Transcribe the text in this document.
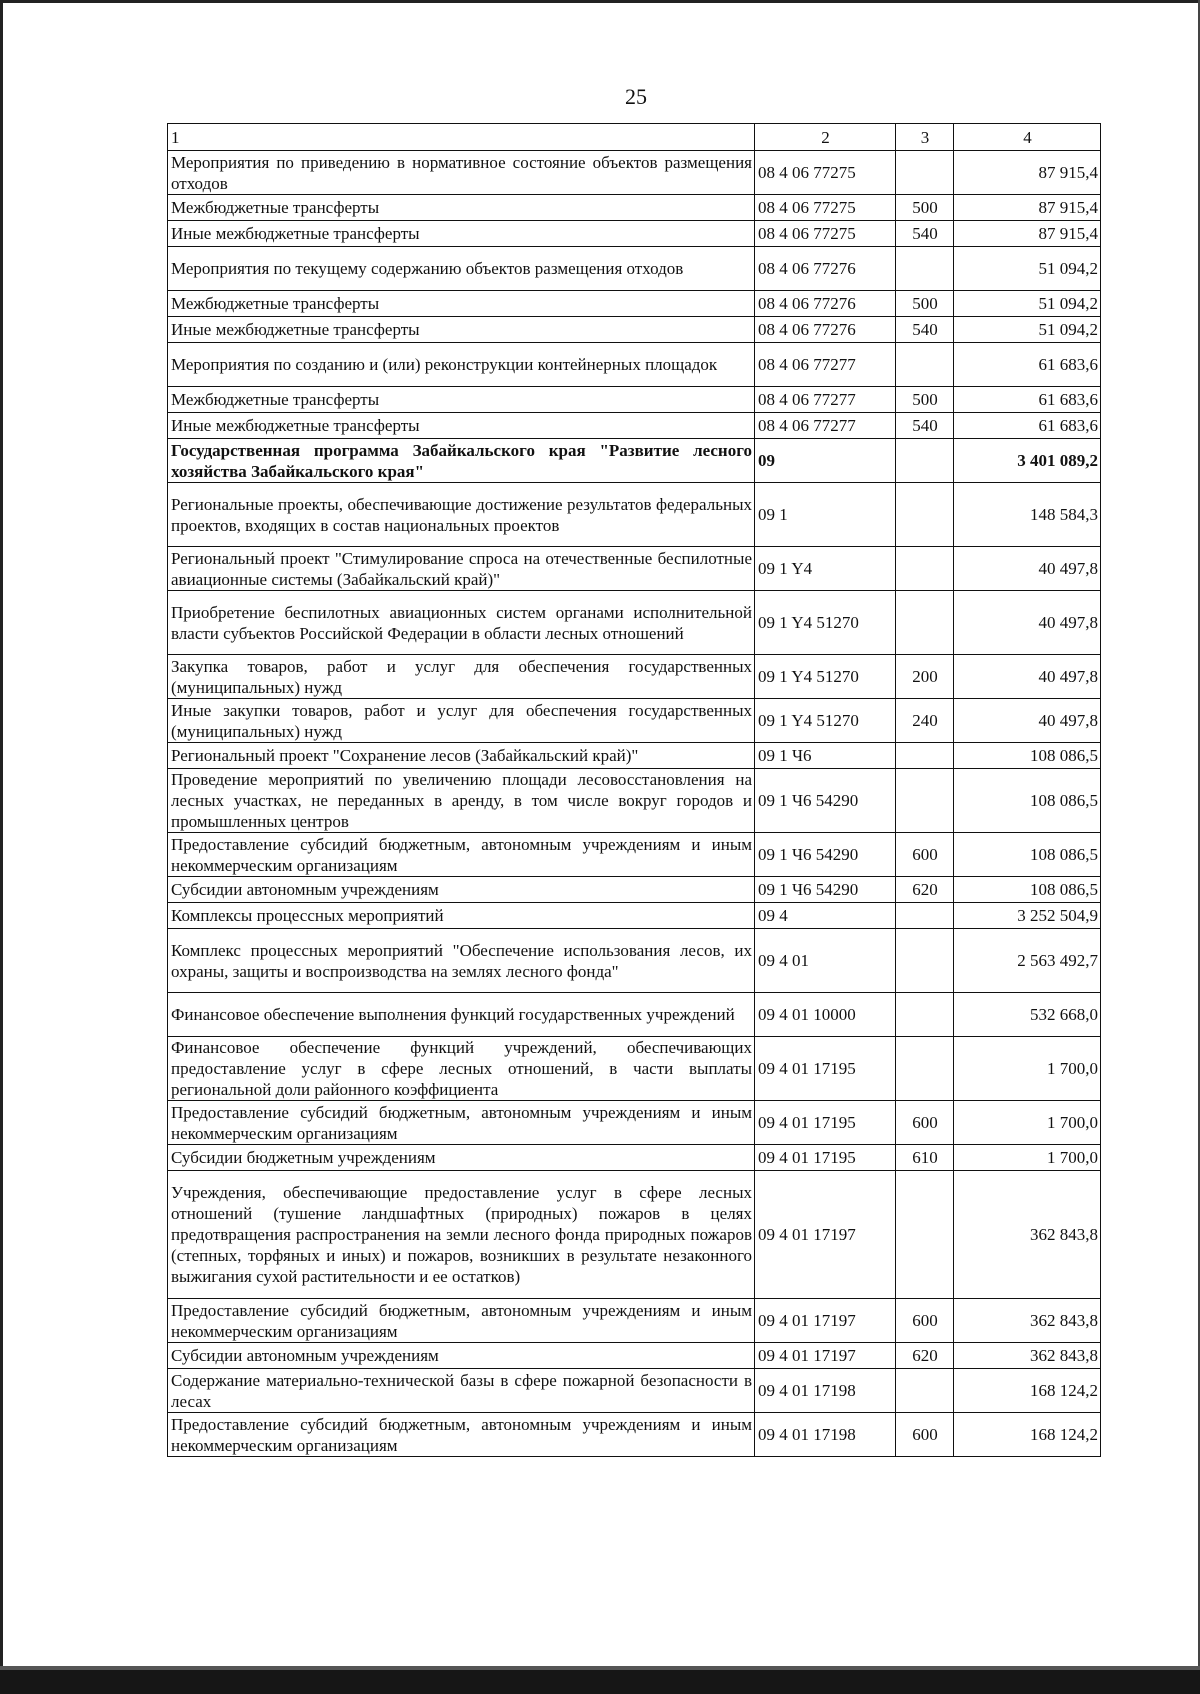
25
1	2	3	4
Мероприятия по приведению в нормативное состояние объектов размещения отходов	08 4 06 77275		87 915,4
Межбюджетные трансферты	08 4 06 77275	500	87 915,4
Иные межбюджетные трансферты	08 4 06 77275	540	87 915,4
Мероприятия по текущему содержанию объектов размещения отходов	08 4 06 77276		51 094,2
Межбюджетные трансферты	08 4 06 77276	500	51 094,2
Иные межбюджетные трансферты	08 4 06 77276	540	51 094,2
Мероприятия по созданию и (или) реконструкции контейнерных площадок	08 4 06 77277		61 683,6
Межбюджетные трансферты	08 4 06 77277	500	61 683,6
Иные межбюджетные трансферты	08 4 06 77277	540	61 683,6
Государственная программа Забайкальского края "Развитие лесного хозяйства Забайкальского края"	09		3 401 089,2
Региональные проекты, обеспечивающие достижение результатов федеральных проектов, входящих в состав национальных проектов	09 1		148 584,3
Региональный проект "Стимулирование спроса на отечественные беспилотные авиационные системы (Забайкальский край)"	09 1 Y4		40 497,8
Приобретение беспилотных авиационных систем органами исполнительной власти субъектов Российской Федерации в области лесных отношений	09 1 Y4 51270		40 497,8
Закупка товаров, работ и услуг для обеспечения государственных (муниципальных) нужд	09 1 Y4 51270	200	40 497,8
Иные закупки товаров, работ и услуг для обеспечения государственных (муниципальных) нужд	09 1 Y4 51270	240	40 497,8
Региональный проект "Сохранение лесов (Забайкальский край)"	09 1 Ч6		108 086,5
Проведение мероприятий по увеличению площади лесовосстановления на лесных участках, не переданных в аренду, в том числе вокруг городов и промышленных центров	09 1 Ч6 54290		108 086,5
Предоставление субсидий бюджетным, автономным учреждениям и иным некоммерческим организациям	09 1 Ч6 54290	600	108 086,5
Субсидии автономным учреждениям	09 1 Ч6 54290	620	108 086,5
Комплексы процессных мероприятий	09 4		3 252 504,9
Комплекс процессных мероприятий "Обеспечение использования лесов, их охраны, защиты и воспроизводства на землях лесного фонда"	09 4 01		2 563 492,7
Финансовое обеспечение выполнения функций государственных учреждений	09 4 01 10000		532 668,0
Финансовое обеспечение функций учреждений, обеспечивающих предоставление услуг в сфере лесных отношений, в части выплаты региональной доли районного коэффициента	09 4 01 17195		1 700,0
Предоставление субсидий бюджетным, автономным учреждениям и иным некоммерческим организациям	09 4 01 17195	600	1 700,0
Субсидии бюджетным учреждениям	09 4 01 17195	610	1 700,0
Учреждения, обеспечивающие предоставление услуг в сфере лесных отношений (тушение ландшафтных (природных) пожаров в целях предотвращения распространения на земли лесного фонда природных пожаров (степных, торфяных и иных) и пожаров, возникших в результате незаконного выжигания сухой растительности и ее остатков)	09 4 01 17197		362 843,8
Предоставление субсидий бюджетным, автономным учреждениям и иным некоммерческим организациям	09 4 01 17197	600	362 843,8
Субсидии автономным учреждениям	09 4 01 17197	620	362 843,8
Содержание материально-технической базы в сфере пожарной безопасности в лесах	09 4 01 17198		168 124,2
Предоставление субсидий бюджетным, автономным учреждениям и иным некоммерческим организациям	09 4 01 17198	600	168 124,2
